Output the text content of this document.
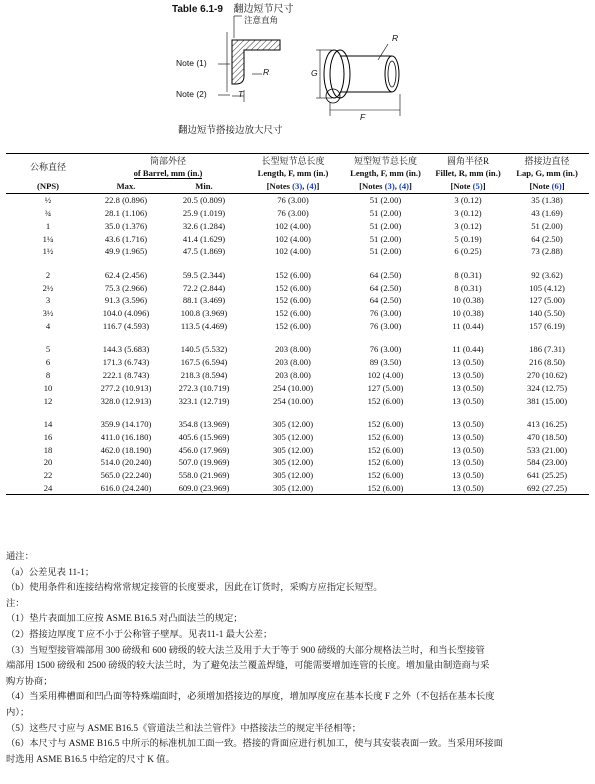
Table 6.1-9 翻边短节尺寸
注意直角
Note (1)
Note (2)	T
R
R
G
F
翻边短节搭接边放大尺寸
公称直径	筒部外径		长型短节总长度	短型短节总长度	圆角半径R	搭接边直径
	of Barrel, mm (in.)		Length, F, mm (in.)	Length, F, mm (in.)	Fillet, R, mm (in.)	Lap, G, mm (in.)
(NPS)	Max.	Min.	[Notes (3), (4)]	[Notes (3), (4)]	[Note (5)]	[Note (6)]
½	22.8 (0.896)	20.5 (0.809)	76 (3.00)	51 (2.00)	3 (0.12)	35 (1.38)
¾	28.1 (1.106)	25.9 (1.019)	76 (3.00)	51 (2.00)	3 (0.12)	43 (1.69)
1	35.0 (1.376)	32.6 (1.284)	102 (4.00)	51 (2.00)	3 (0.12)	51 (2.00)
1¼	43.6 (1.716)	41.4 (1.629)	102 (4.00)	51 (2.00)	5 (0.19)	64 (2.50)
1½	49.9 (1.965)	47.5 (1.869)	102 (4.00)	51 (2.00)	6 (0.25)	73 (2.88)

2	62.4 (2.456)	59.5 (2.344)	152 (6.00)	64 (2.50)	8 (0.31)	92 (3.62)
2½	75.3 (2.966)	72.2 (2.844)	152 (6.00)	64 (2.50)	8 (0.31)	105 (4.12)
3	91.3 (3.596)	88.1 (3.469)	152 (6.00)	64 (2.50)	10 (0.38)	127 (5.00)
3½	104.0 (4.096)	100.8 (3.969)	152 (6.00)	76 (3.00)	10 (0.38)	140 (5.50)
4	116.7 (4.593)	113.5 (4.469)	152 (6.00)	76 (3.00)	11 (0.44)	157 (6.19)

5	144.3 (5.683)	140.5 (5.532)	203 (8.00)	76 (3.00)	11 (0.44)	186 (7.31)
6	171.3 (6.743)	167.5 (6.594)	203 (8.00)	89 (3.50)	13 (0.50)	216 (8.50)
8	222.1 (8.743)	218.3 (8.594)	203 (8.00)	102 (4.00)	13 (0.50)	270 (10.62)
10	277.2 (10.913)	272.3 (10.719)	254 (10.00)	127 (5.00)	13 (0.50)	324 (12.75)
12	328.0 (12.913)	323.1 (12.719)	254 (10.00)	152 (6.00)	13 (0.50)	381 (15.00)

14	359.9 (14.170)	354.8 (13.969)	305 (12.00)	152 (6.00)	13 (0.50)	413 (16.25)
16	411.0 (16.180)	405.6 (15.969)	305 (12.00)	152 (6.00)	13 (0.50)	470 (18.50)
18	462.0 (18.190)	456.0 (17.969)	305 (12.00)	152 (6.00)	13 (0.50)	533 (21.00)
20	514.0 (20.240)	507.0 (19.969)	305 (12.00)	152 (6.00)	13 (0.50)	584 (23.00)
22	565.0 (22.240)	558.0 (21.969)	305 (12.00)	152 (6.00)	13 (0.50)	641 (25.25)
24	616.0 (24.240)	609.0 (23.969)	305 (12.00)	152 (6.00)	13 (0.50)	692 (27.25)
通注：
（a）公差见表 11-1；
（b）使用条件和连接结构常常规定接管的长度要求，因此在订货时，采购方应指定长短型。
注：
（1）垫片表面加工应按 ASME B16.5 对凸面法兰的规定；
（2）搭接边厚度 T 应不小于公称管子壁厚。见表11-1 最大公差；
（3）当短型接管端部用 300 磅级和 600 磅级的较大法兰及用于大于等于 900 磅级的大部分规格法兰时，和当长型接管
端部用 1500 磅级和 2500 磅级的较大法兰时，为了避免法兰覆盖焊缝，可能需要增加连管的长度。增加量由制造商与采
购方协商；
（4）当采用榫槽面和凹凸面等特殊端面时，必须增加搭接边的厚度，增加厚度应在基本长度 F 之外（不包括在基本长度
内）；
（5）这些尺寸应与 ASME B16.5《管道法兰和法兰管件》中搭接法兰的规定半径相等；
（6）本尺寸与 ASME B16.5 中所示的标准机加工面一致。搭接的背面应进行机加工，使与其安装表面一致。当采用环接面
时选用 ASME B16.5 中给定的尺寸 K 值。
